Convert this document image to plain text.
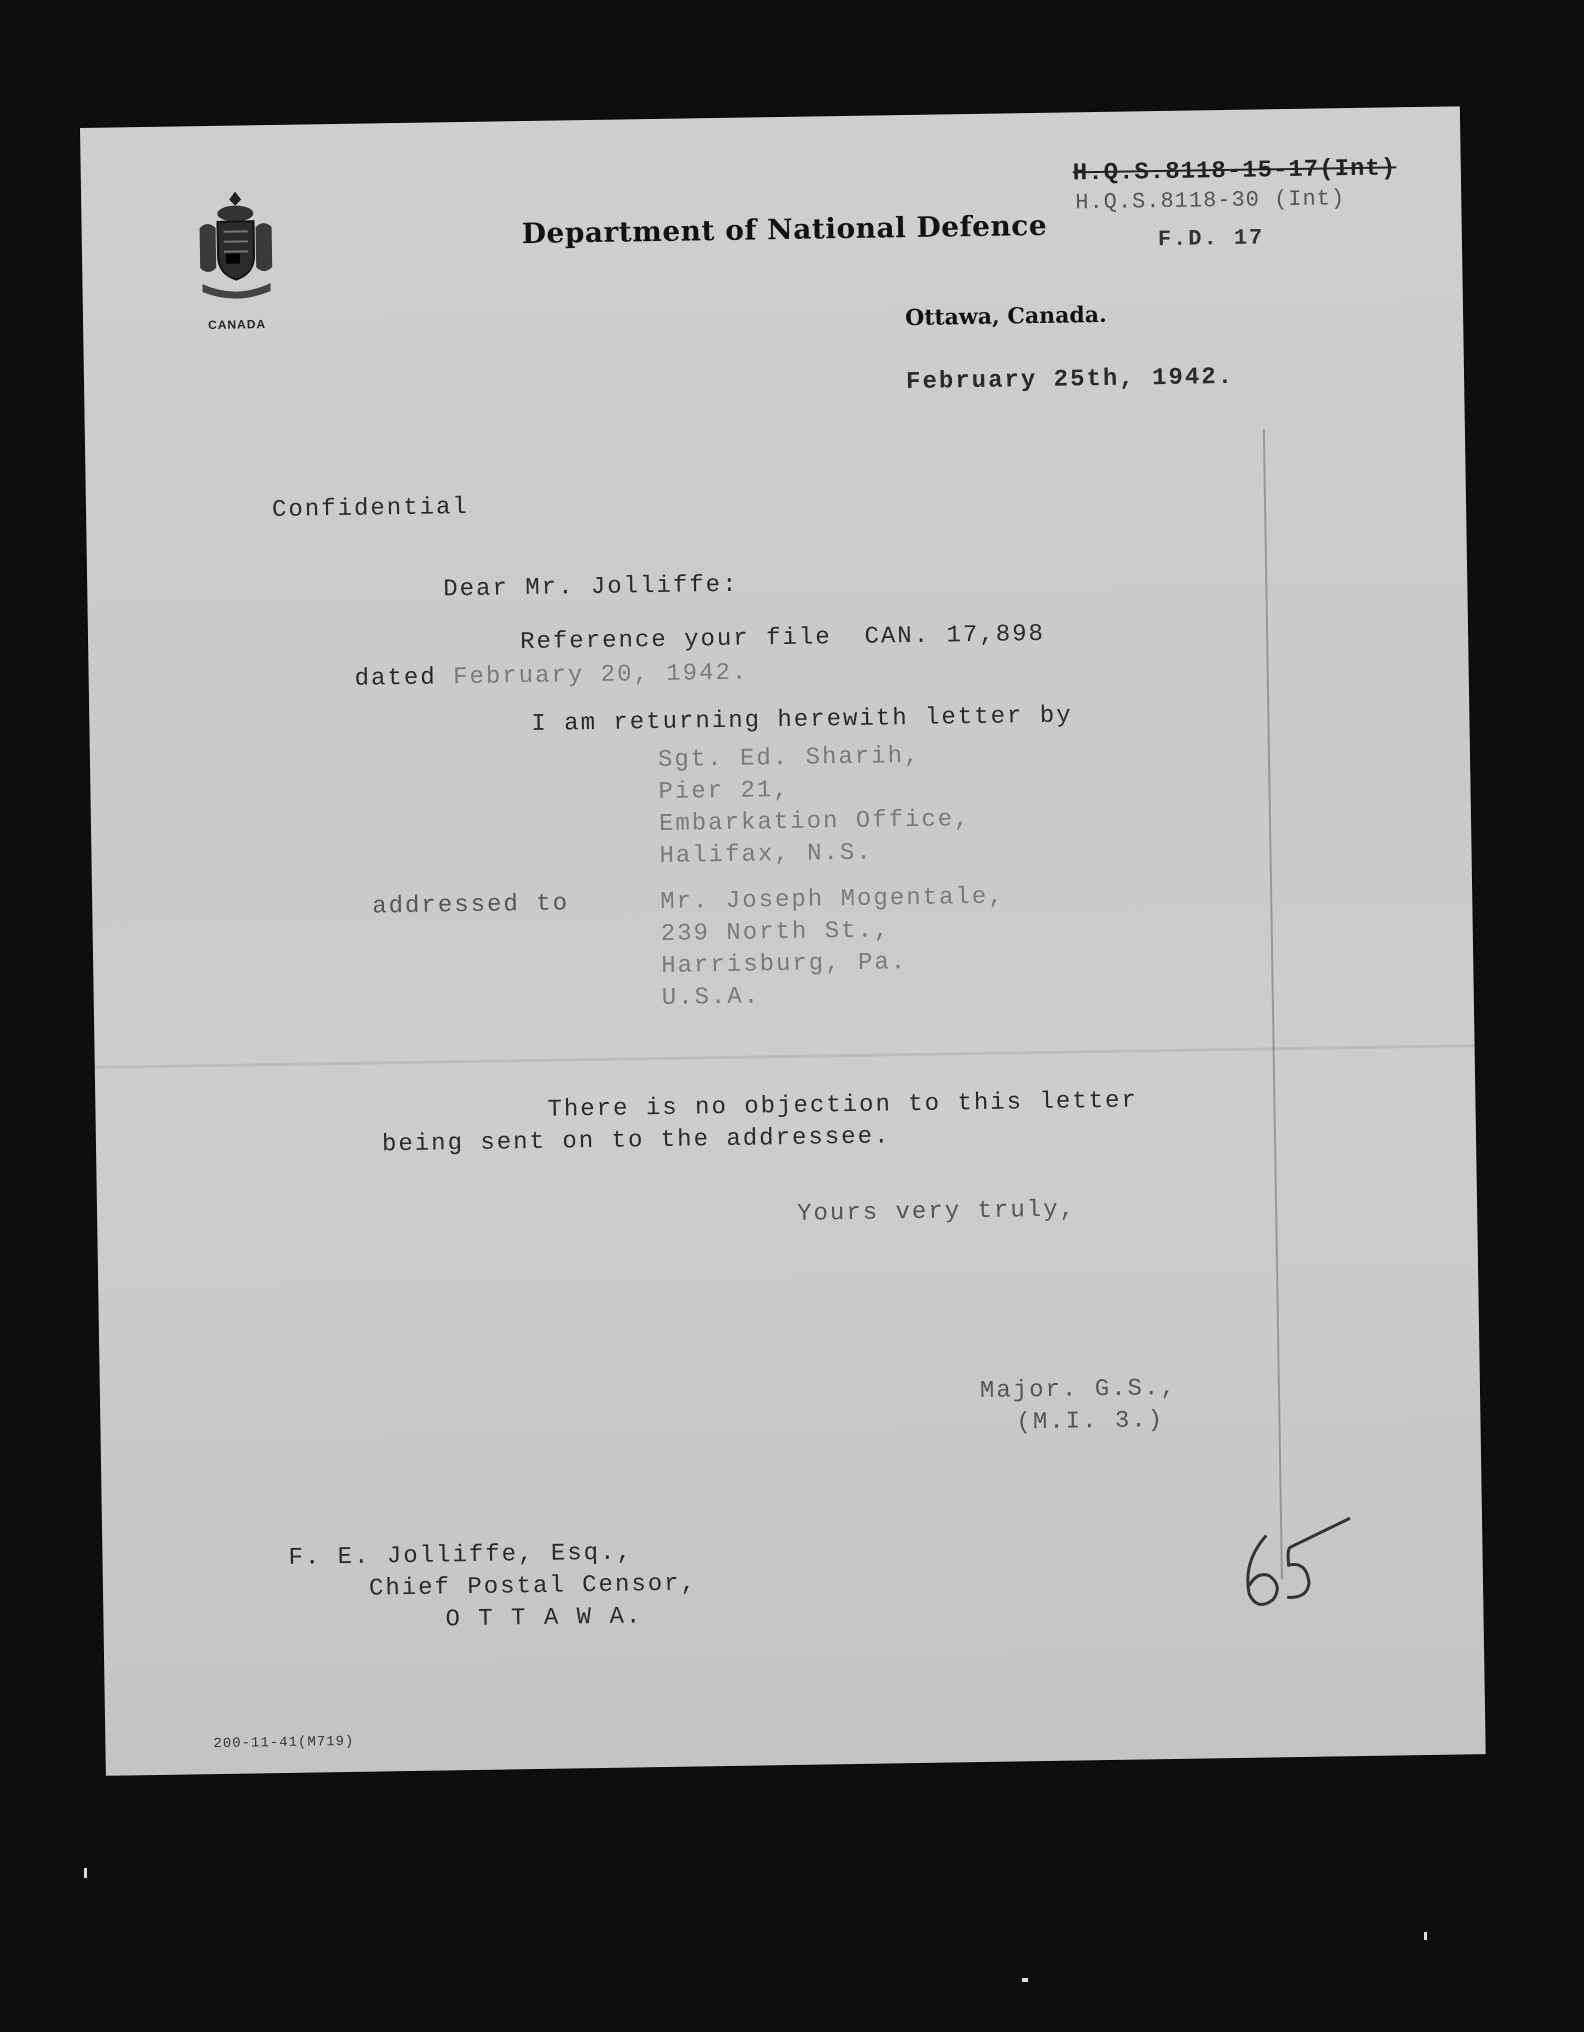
CANADA
Department of National Defence
Ottawa, Canada.
H.Q.S.8118-15-17(Int)
H.Q.S.8118-30 (Int)
F.D. 17
February 25th, 1942.
Confidential
Dear Mr. Jolliffe:
Reference your file  CAN. 17,898
dated February 20, 1942.
I am returning herewith letter by
Sgt. Ed. Sharih,
Pier 21,
Embarkation Office,
Halifax, N.S.
addressed to	Mr. Joseph Mogentale,
239 North St.,
Harrisburg, Pa.
U.S.A.
There is no objection to this letter
being sent on to the addressee.
Yours very truly,
Major. G.S.,
(M.I. 3.)
65
F. E. Jolliffe, Esq.,
Chief Postal Censor,
O T T A W A.
200-11-41(M719)
